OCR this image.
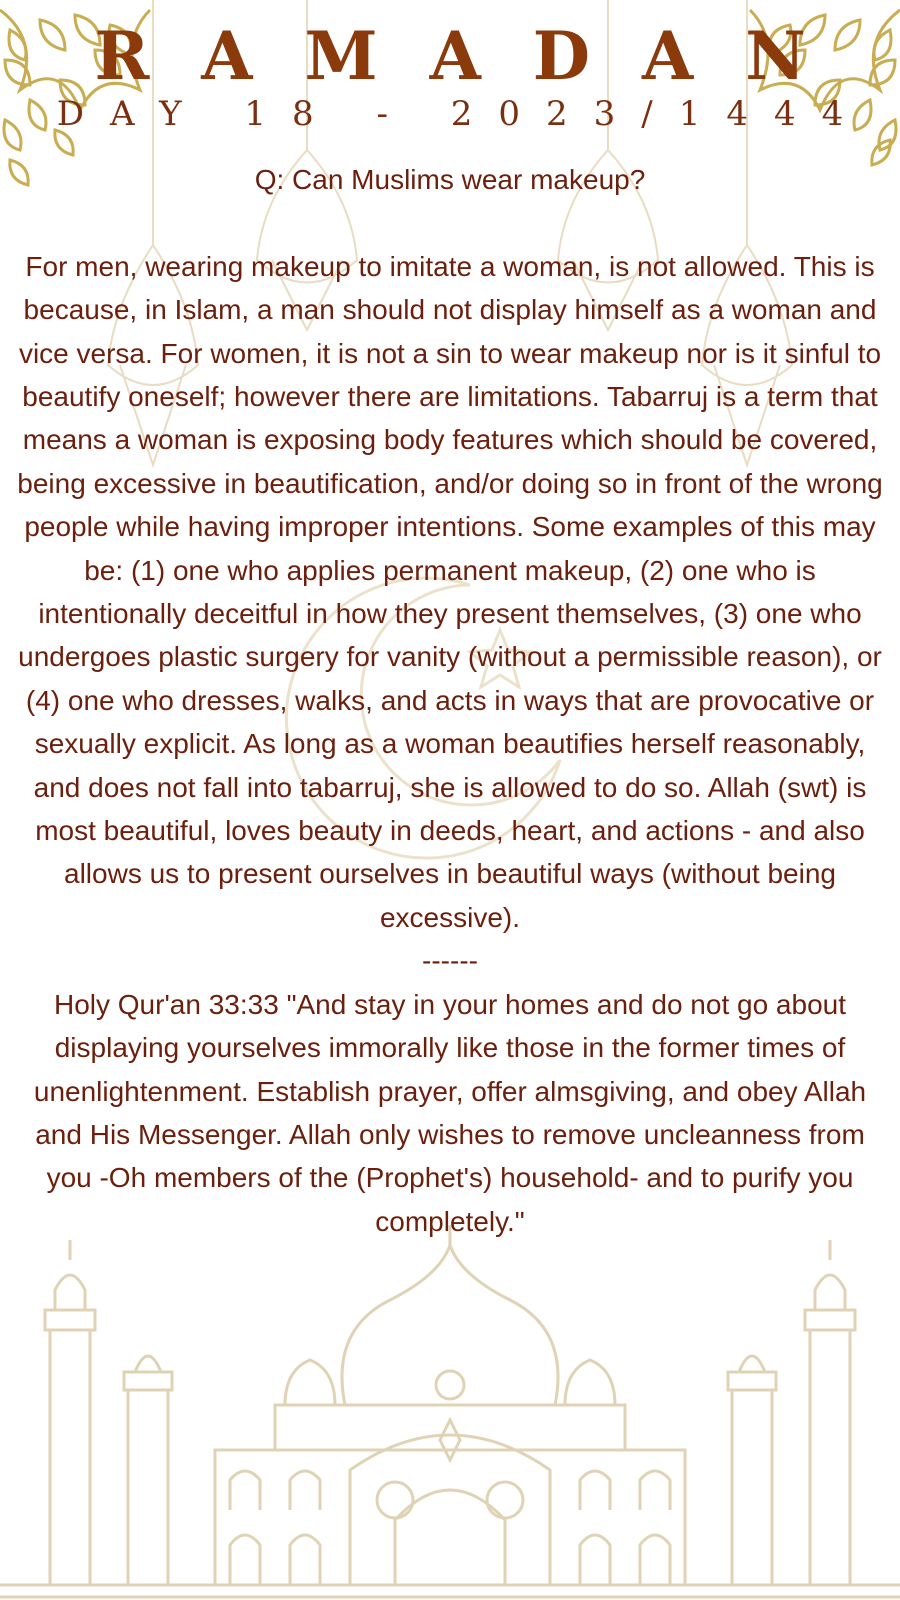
RAMADAN
DAY 18 - 2023/1444

Q: Can Muslims wear makeup?

For men, wearing makeup to imitate a woman, is not allowed. This is because, in Islam, a man should not display himself as a woman and vice versa. For women, it is not a sin to wear makeup nor is it sinful to beautify oneself; however there are limitations. Tabarruj is a term that means a woman is exposing body features which should be covered, being excessive in beautification, and/or doing so in front of the wrong people while having improper intentions. Some examples of this may be: (1) one who applies permanent makeup, (2) one who is intentionally deceitful in how they present themselves, (3) one who undergoes plastic surgery for vanity (without a permissible reason), or (4) one who dresses, walks, and acts in ways that are provocative or sexually explicit. As long as a woman beautifies herself reasonably, and does not fall into tabarruj, she is allowed to do so. Allah (swt) is most beautiful, loves beauty in deeds, heart, and actions - and also allows us to present ourselves in beautiful ways (without being excessive).

------

Holy Qur'an 33:33 "And stay in your homes and do not go about displaying yourselves immorally like those in the former times of unenlightenment. Establish prayer, offer almsgiving, and obey Allah and His Messenger. Allah only wishes to remove uncleanness from you -Oh members of the (Prophet's) household- and to purify you completely."
